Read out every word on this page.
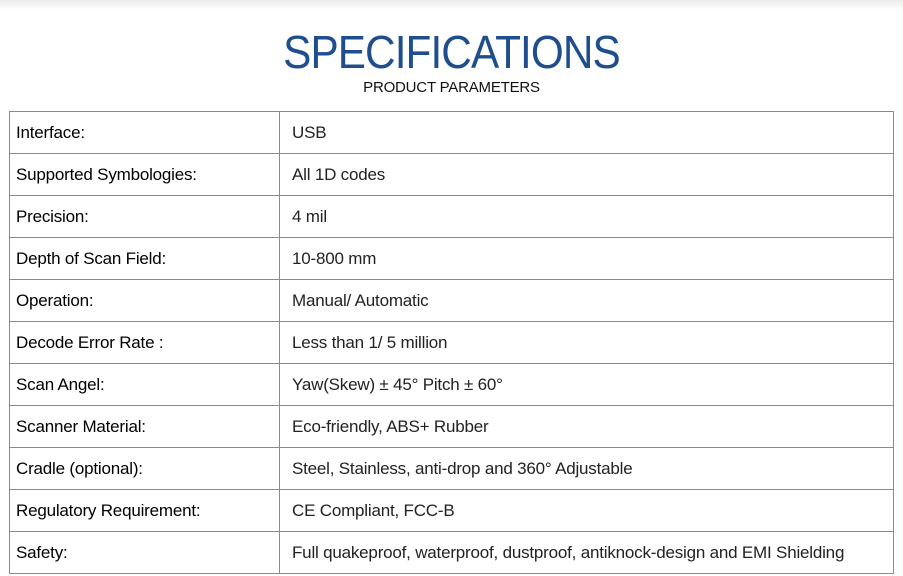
SPECIFICATIONS
PRODUCT PARAMETERS
Interface:	USB
Supported Symbologies:	All 1D codes
Precision:	4 mil
Depth of Scan Field:	10-800 mm
Operation:	Manual/ Automatic
Decode Error Rate :	Less than 1/ 5 million
Scan Angel:	Yaw(Skew) ± 45° Pitch ± 60°
Scanner Material:	Eco-friendly, ABS+ Rubber
Cradle (optional):	Steel, Stainless, anti-drop and 360° Adjustable
Regulatory Requirement:	CE Compliant, FCC-B
Safety:	Full quakeproof, waterproof, dustproof, antiknock-design and EMI Shielding
